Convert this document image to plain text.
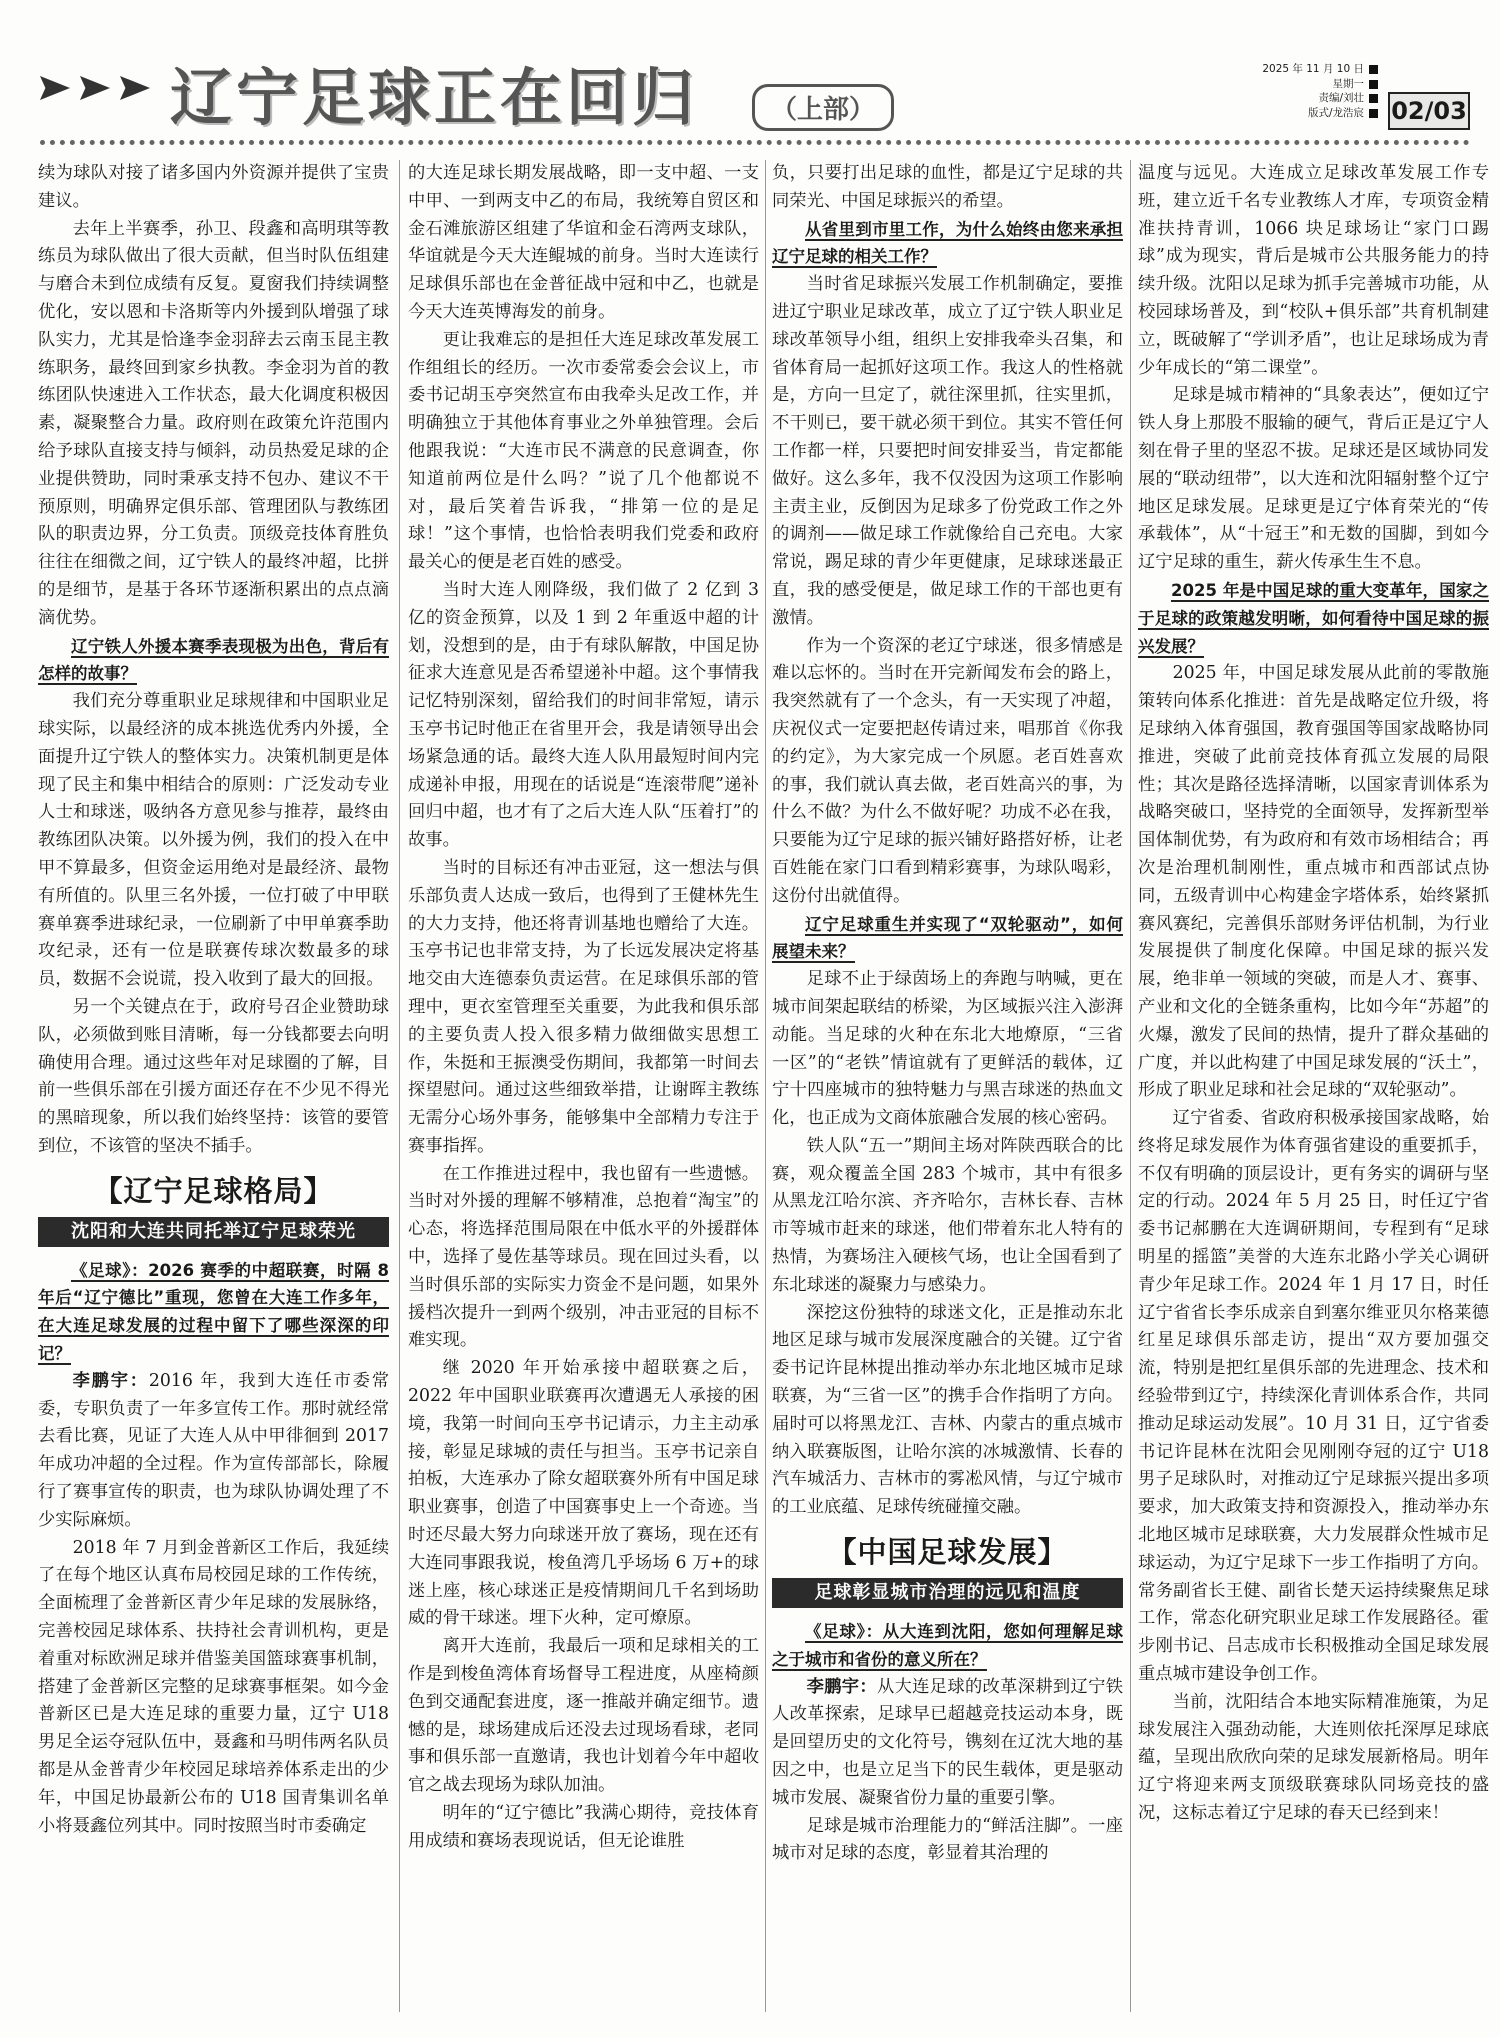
辽宁足球正在回归	（上部）
2025 年 11 月 10 日
星期一
责编/刘壮
版式/龙浩宸	02/03

续为球队对接了诸多国内外资源并提供了宝贵建议。

去年上半赛季，孙卫、段鑫和高明琪等教练员为球队做出了很大贡献，但当时队伍组建与磨合未到位成绩有反复。夏窗我们持续调整优化，安以恩和卡洛斯等内外援到队增强了球队实力，尤其是恰逢李金羽辞去云南玉昆主教练职务，最终回到家乡执教。李金羽为首的教练团队快速进入工作状态，最大化调度积极因素，凝聚整合力量。政府则在政策允许范围内给予球队直接支持与倾斜，动员热爱足球的企业提供赞助，同时秉承支持不包办、建议不干预原则，明确界定俱乐部、管理团队与教练团队的职责边界，分工负责。顶级竞技体育胜负往往在细微之间，辽宁铁人的最终冲超，比拼的是细节，是基于各环节逐渐积累出的点点滴滴优势。

辽宁铁人外援本赛季表现极为出色，背后有怎样的故事？

我们充分尊重职业足球规律和中国职业足球实际，以最经济的成本挑选优秀内外援，全面提升辽宁铁人的整体实力。决策机制更是体现了民主和集中相结合的原则：广泛发动专业人士和球迷，吸纳各方意见参与推荐，最终由教练团队决策。以外援为例，我们的投入在中甲不算最多，但资金运用绝对是最经济、最物有所值的。队里三名外援，一位打破了中甲联赛单赛季进球纪录，一位刷新了中甲单赛季助攻纪录，还有一位是联赛传球次数最多的球员，数据不会说谎，投入收到了最大的回报。

另一个关键点在于，政府号召企业赞助球队，必须做到账目清晰，每一分钱都要去向明确使用合理。通过这些年对足球圈的了解，目前一些俱乐部在引援方面还存在不少见不得光的黑暗现象，所以我们始终坚持：该管的要管到位，不该管的坚决不插手。

【辽宁足球格局】
沈阳和大连共同托举辽宁足球荣光

《足球》：2026 赛季的中超联赛，时隔 8 年后“辽宁德比”重现，您曾在大连工作多年，在大连足球发展的过程中留下了哪些深深的印记？

李鹏宇：2016 年，我到大连任市委常委，专职负责了一年多宣传工作。那时就经常去看比赛，见证了大连人从中甲徘徊到 2017 年成功冲超的全过程。作为宣传部部长，除履行了赛事宣传的职责，也为球队协调处理了不少实际麻烦。

2018 年 7 月到金普新区工作后，我延续了在每个地区认真布局校园足球的工作传统，全面梳理了金普新区青少年足球的发展脉络，完善校园足球体系、扶持社会青训机构，更是着重对标欧洲足球并借鉴美国篮球赛事机制，搭建了金普新区完整的足球赛事框架。如今金普新区已是大连足球的重要力量，辽宁 U18 男足全运夺冠队伍中，聂鑫和马明伟两名队员都是从金普青少年校园足球培养体系走出的少年，中国足协最新公布的 U18 国青集训名单小将聂鑫位列其中。同时按照当时市委确定

的大连足球长期发展战略，即一支中超、一支中甲、一到两支中乙的布局，我统筹自贸区和金石滩旅游区组建了华谊和金石湾两支球队，华谊就是今天大连鲲城的前身。当时大连读行足球俱乐部也在金普征战中冠和中乙，也就是今天大连英博海发的前身。

更让我难忘的是担任大连足球改革发展工作组组长的经历。一次市委常委会会议上，市委书记胡玉亭突然宣布由我牵头足改工作，并明确独立于其他体育事业之外单独管理。会后他跟我说：“大连市民不满意的民意调查，你知道前两位是什么吗？”说了几个他都说不对，最后笑着告诉我，“排第一位的是足球！”这个事情，也恰恰表明我们党委和政府最关心的便是老百姓的感受。

当时大连人刚降级，我们做了 2 亿到 3 亿的资金预算，以及 1 到 2 年重返中超的计划，没想到的是，由于有球队解散，中国足协征求大连意见是否希望递补中超。这个事情我记忆特别深刻，留给我们的时间非常短，请示玉亭书记时他正在省里开会，我是请领导出会场紧急通的话。最终大连人队用最短时间内完成递补申报，用现在的话说是“连滚带爬”递补回归中超，也才有了之后大连人队“压着打”的故事。

当时的目标还有冲击亚冠，这一想法与俱乐部负责人达成一致后，也得到了王健林先生的大力支持，他还将青训基地也赠给了大连。玉亭书记也非常支持，为了长远发展决定将基地交由大连德泰负责运营。在足球俱乐部的管理中，更衣室管理至关重要，为此我和俱乐部的主要负责人投入很多精力做细做实思想工作，朱挺和王振澳受伤期间，我都第一时间去探望慰问。通过这些细致举措，让谢晖主教练无需分心场外事务，能够集中全部精力专注于赛事指挥。

在工作推进过程中，我也留有一些遗憾。当时对外援的理解不够精准，总抱着“淘宝”的心态，将选择范围局限在中低水平的外援群体中，选择了曼佐基等球员。现在回过头看，以当时俱乐部的实际实力资金不是问题，如果外援档次提升一到两个级别，冲击亚冠的目标不难实现。

继 2020 年开始承接中超联赛之后，2022 年中国职业联赛再次遭遇无人承接的困境，我第一时间向玉亭书记请示，力主主动承接，彰显足球城的责任与担当。玉亭书记亲自拍板，大连承办了除女超联赛外所有中国足球职业赛事，创造了中国赛事史上一个奇迹。当时还尽最大努力向球迷开放了赛场，现在还有大连同事跟我说，梭鱼湾几乎场场 6 万+的球迷上座，核心球迷正是疫情期间几千名到场助威的骨干球迷。埋下火种，定可燎原。

离开大连前，我最后一项和足球相关的工作是到梭鱼湾体育场督导工程进度，从座椅颜色到交通配套进度，逐一推敲并确定细节。遗憾的是，球场建成后还没去过现场看球，老同事和俱乐部一直邀请，我也计划着今年中超收官之战去现场为球队加油。

明年的“辽宁德比”我满心期待，竞技体育用成绩和赛场表现说话，但无论谁胜

负，只要打出足球的血性，都是辽宁足球的共同荣光、中国足球振兴的希望。

从省里到市里工作，为什么始终由您来承担辽宁足球的相关工作？

当时省足球振兴发展工作机制确定，要推进辽宁职业足球改革，成立了辽宁铁人职业足球改革领导小组，组织上安排我牵头召集，和省体育局一起抓好这项工作。我这人的性格就是，方向一旦定了，就往深里抓，往实里抓，不干则已，要干就必须干到位。其实不管任何工作都一样，只要把时间安排妥当，肯定都能做好。这么多年，我不仅没因为这项工作影响主责主业，反倒因为足球多了份党政工作之外的调剂——做足球工作就像给自己充电。大家常说，踢足球的青少年更健康，足球球迷最正直，我的感受便是，做足球工作的干部也更有激情。

作为一个资深的老辽宁球迷，很多情感是难以忘怀的。当时在开完新闻发布会的路上，我突然就有了一个念头，有一天实现了冲超，庆祝仪式一定要把赵传请过来，唱那首《你我的约定》，为大家完成一个夙愿。老百姓喜欢的事，我们就认真去做，老百姓高兴的事，为什么不做？为什么不做好呢？功成不必在我，只要能为辽宁足球的振兴铺好路搭好桥，让老百姓能在家门口看到精彩赛事，为球队喝彩，这份付出就值得。

辽宁足球重生并实现了“双轮驱动”，如何展望未来？

足球不止于绿茵场上的奔跑与呐喊，更在城市间架起联结的桥梁，为区域振兴注入澎湃动能。当足球的火种在东北大地燎原，“三省一区”的“老铁”情谊就有了更鲜活的载体，辽宁十四座城市的独特魅力与黑吉球迷的热血文化，也正成为文商体旅融合发展的核心密码。

铁人队“五一”期间主场对阵陕西联合的比赛，观众覆盖全国 283 个城市，其中有很多从黑龙江哈尔滨、齐齐哈尔，吉林长春、吉林市等城市赶来的球迷，他们带着东北人特有的热情，为赛场注入硬核气场，也让全国看到了东北球迷的凝聚力与感染力。

深挖这份独特的球迷文化，正是推动东北地区足球与城市发展深度融合的关键。辽宁省委书记许昆林提出推动举办东北地区城市足球联赛，为“三省一区”的携手合作指明了方向。届时可以将黑龙江、吉林、内蒙古的重点城市纳入联赛版图，让哈尔滨的冰城激情、长春的汽车城活力、吉林市的雾凇风情，与辽宁城市的工业底蕴、足球传统碰撞交融。

【中国足球发展】
足球彰显城市治理的远见和温度

《足球》：从大连到沈阳，您如何理解足球之于城市和省份的意义所在？

李鹏宇：从大连足球的改革深耕到辽宁铁人改革探索，足球早已超越竞技运动本身，既是回望历史的文化符号，镌刻在辽沈大地的基因之中，也是立足当下的民生载体，更是驱动城市发展、凝聚省份力量的重要引擎。

足球是城市治理能力的“鲜活注脚”。一座城市对足球的态度，彰显着其治理的

温度与远见。大连成立足球改革发展工作专班，建立近千名专业教练人才库，专项资金精准扶持青训，1066 块足球场让“家门口踢球”成为现实，背后是城市公共服务能力的持续升级。沈阳以足球为抓手完善城市功能，从校园球场普及，到“校队+俱乐部”共育机制建立，既破解了“学训矛盾”，也让足球场成为青少年成长的“第二课堂”。

足球是城市精神的“具象表达”，便如辽宁铁人身上那股不服输的硬气，背后正是辽宁人刻在骨子里的坚忍不拔。足球还是区域协同发展的“联动纽带”，以大连和沈阳辐射整个辽宁地区足球发展。足球更是辽宁体育荣光的“传承载体”，从“十冠王”和无数的国脚，到如今辽宁足球的重生，薪火传承生生不息。

2025 年是中国足球的重大变革年，国家之于足球的政策越发明晰，如何看待中国足球的振兴发展？

2025 年，中国足球发展从此前的零散施策转向体系化推进：首先是战略定位升级，将足球纳入体育强国，教育强国等国家战略协同推进，突破了此前竞技体育孤立发展的局限性；其次是路径选择清晰，以国家青训体系为战略突破口，坚持党的全面领导，发挥新型举国体制优势，有为政府和有效市场相结合；再次是治理机制刚性，重点城市和西部试点协同，五级青训中心构建金字塔体系，始终紧抓赛风赛纪，完善俱乐部财务评估机制，为行业发展提供了制度化保障。中国足球的振兴发展，绝非单一领域的突破，而是人才、赛事、产业和文化的全链条重构，比如今年“苏超”的火爆，激发了民间的热情，提升了群众基础的广度，并以此构建了中国足球发展的“沃土”，形成了职业足球和社会足球的“双轮驱动”。

辽宁省委、省政府积极承接国家战略，始终将足球发展作为体育强省建设的重要抓手，不仅有明确的顶层设计，更有务实的调研与坚定的行动。2024 年 5 月 25 日，时任辽宁省委书记郝鹏在大连调研期间，专程到有“足球明星的摇篮”美誉的大连东北路小学关心调研青少年足球工作。2024 年 1 月 17 日，时任辽宁省省长李乐成亲自到塞尔维亚贝尔格莱德红星足球俱乐部走访，提出“双方要加强交流，特别是把红星俱乐部的先进理念、技术和经验带到辽宁，持续深化青训体系合作，共同推动足球运动发展”。10 月 31 日，辽宁省委书记许昆林在沈阳会见刚刚夺冠的辽宁 U18 男子足球队时，对推动辽宁足球振兴提出多项要求，加大政策支持和资源投入，推动举办东北地区城市足球联赛，大力发展群众性城市足球运动，为辽宁足球下一步工作指明了方向。常务副省长王健、副省长楚天运持续聚焦足球工作，常态化研究职业足球工作发展路径。霍步刚书记、吕志成市长积极推动全国足球发展重点城市建设争创工作。

当前，沈阳结合本地实际精准施策，为足球发展注入强劲动能，大连则依托深厚足球底蕴，呈现出欣欣向荣的足球发展新格局。明年辽宁将迎来两支顶级联赛球队同场竞技的盛况，这标志着辽宁足球的春天已经到来！
